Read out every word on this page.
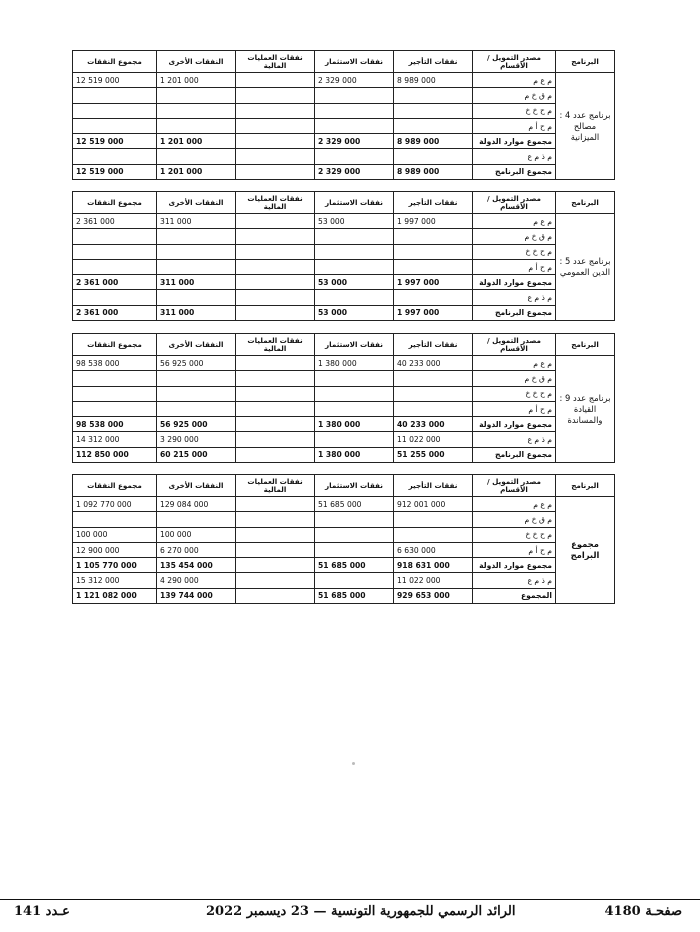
مجموع النفقات	النفقات الأخرى	نفقات العمليات المالية	نفقات الاستثمار	نفقات التأجير	مصدر التمويل / الأقسام	البرنامج
12 519 000	1 201 000		2 329 000	8 989 000	م ع م	برنامج عدد 4 : مصالح الميزانية
					م ق خ م	
					م ح خ خ	
					م ح أ م	
12 519 000	1 201 000		2 329 000	8 989 000	مجموع موارد الدولة	
					م ذ م ع	
12 519 000	1 201 000		2 329 000	8 989 000	مجموع البرنامج	
مجموع النفقات	النفقات الأخرى	نفقات العمليات المالية	نفقات الاستثمار	نفقات التأجير	مصدر التمويل / الأقسام	البرنامج
2 361 000	311 000		53 000	1 997 000	م ع م	برنامج عدد 5 : الدين العمومي
					م ق خ م	
					م ح خ خ	
					م ح أ م	
2 361 000	311 000		53 000	1 997 000	مجموع موارد الدولة	
					م ذ م ع	
2 361 000	311 000		53 000	1 997 000	مجموع البرنامج	
مجموع النفقات	النفقات الأخرى	نفقات العمليات المالية	نفقات الاستثمار	نفقات التأجير	مصدر التمويل / الأقسام	البرنامج
98 538 000	56 925 000		1 380 000	40 233 000	م ع م	برنامج عدد 9 : القيادة والمساندة
					م ق خ م	
					م ح خ خ	
					م ح أ م	
98 538 000	56 925 000		1 380 000	40 233 000	مجموع موارد الدولة	
14 312 000	3 290 000			11 022 000	م ذ م ع	
112 850 000	60 215 000		1 380 000	51 255 000	مجموع البرنامج	
مجموع النفقات	النفقات الأخرى	نفقات العمليات المالية	نفقات الاستثمار	نفقات التأجير	مصدر التمويل / الأقسام	البرنامج
1 092 770 000	129 084 000		51 685 000	912 001 000	م ع م	مجموع البرامج
					م ق خ م	
100 000	100 000				م ح خ خ	
12 900 000	6 270 000			6 630 000	م ح أ م	
1 105 770 000	135 454 000		51 685 000	918 631 000	مجموع موارد الدولة	
15 312 000	4 290 000			11 022 000	م ذ م ع	
1 121 082 000	139 744 000		51 685 000	929 653 000	المجموع	
عـدد 141	الرائد الرسمي للجمهورية التونسية — 23 ديسمبر 2022	صفحـة 4180
